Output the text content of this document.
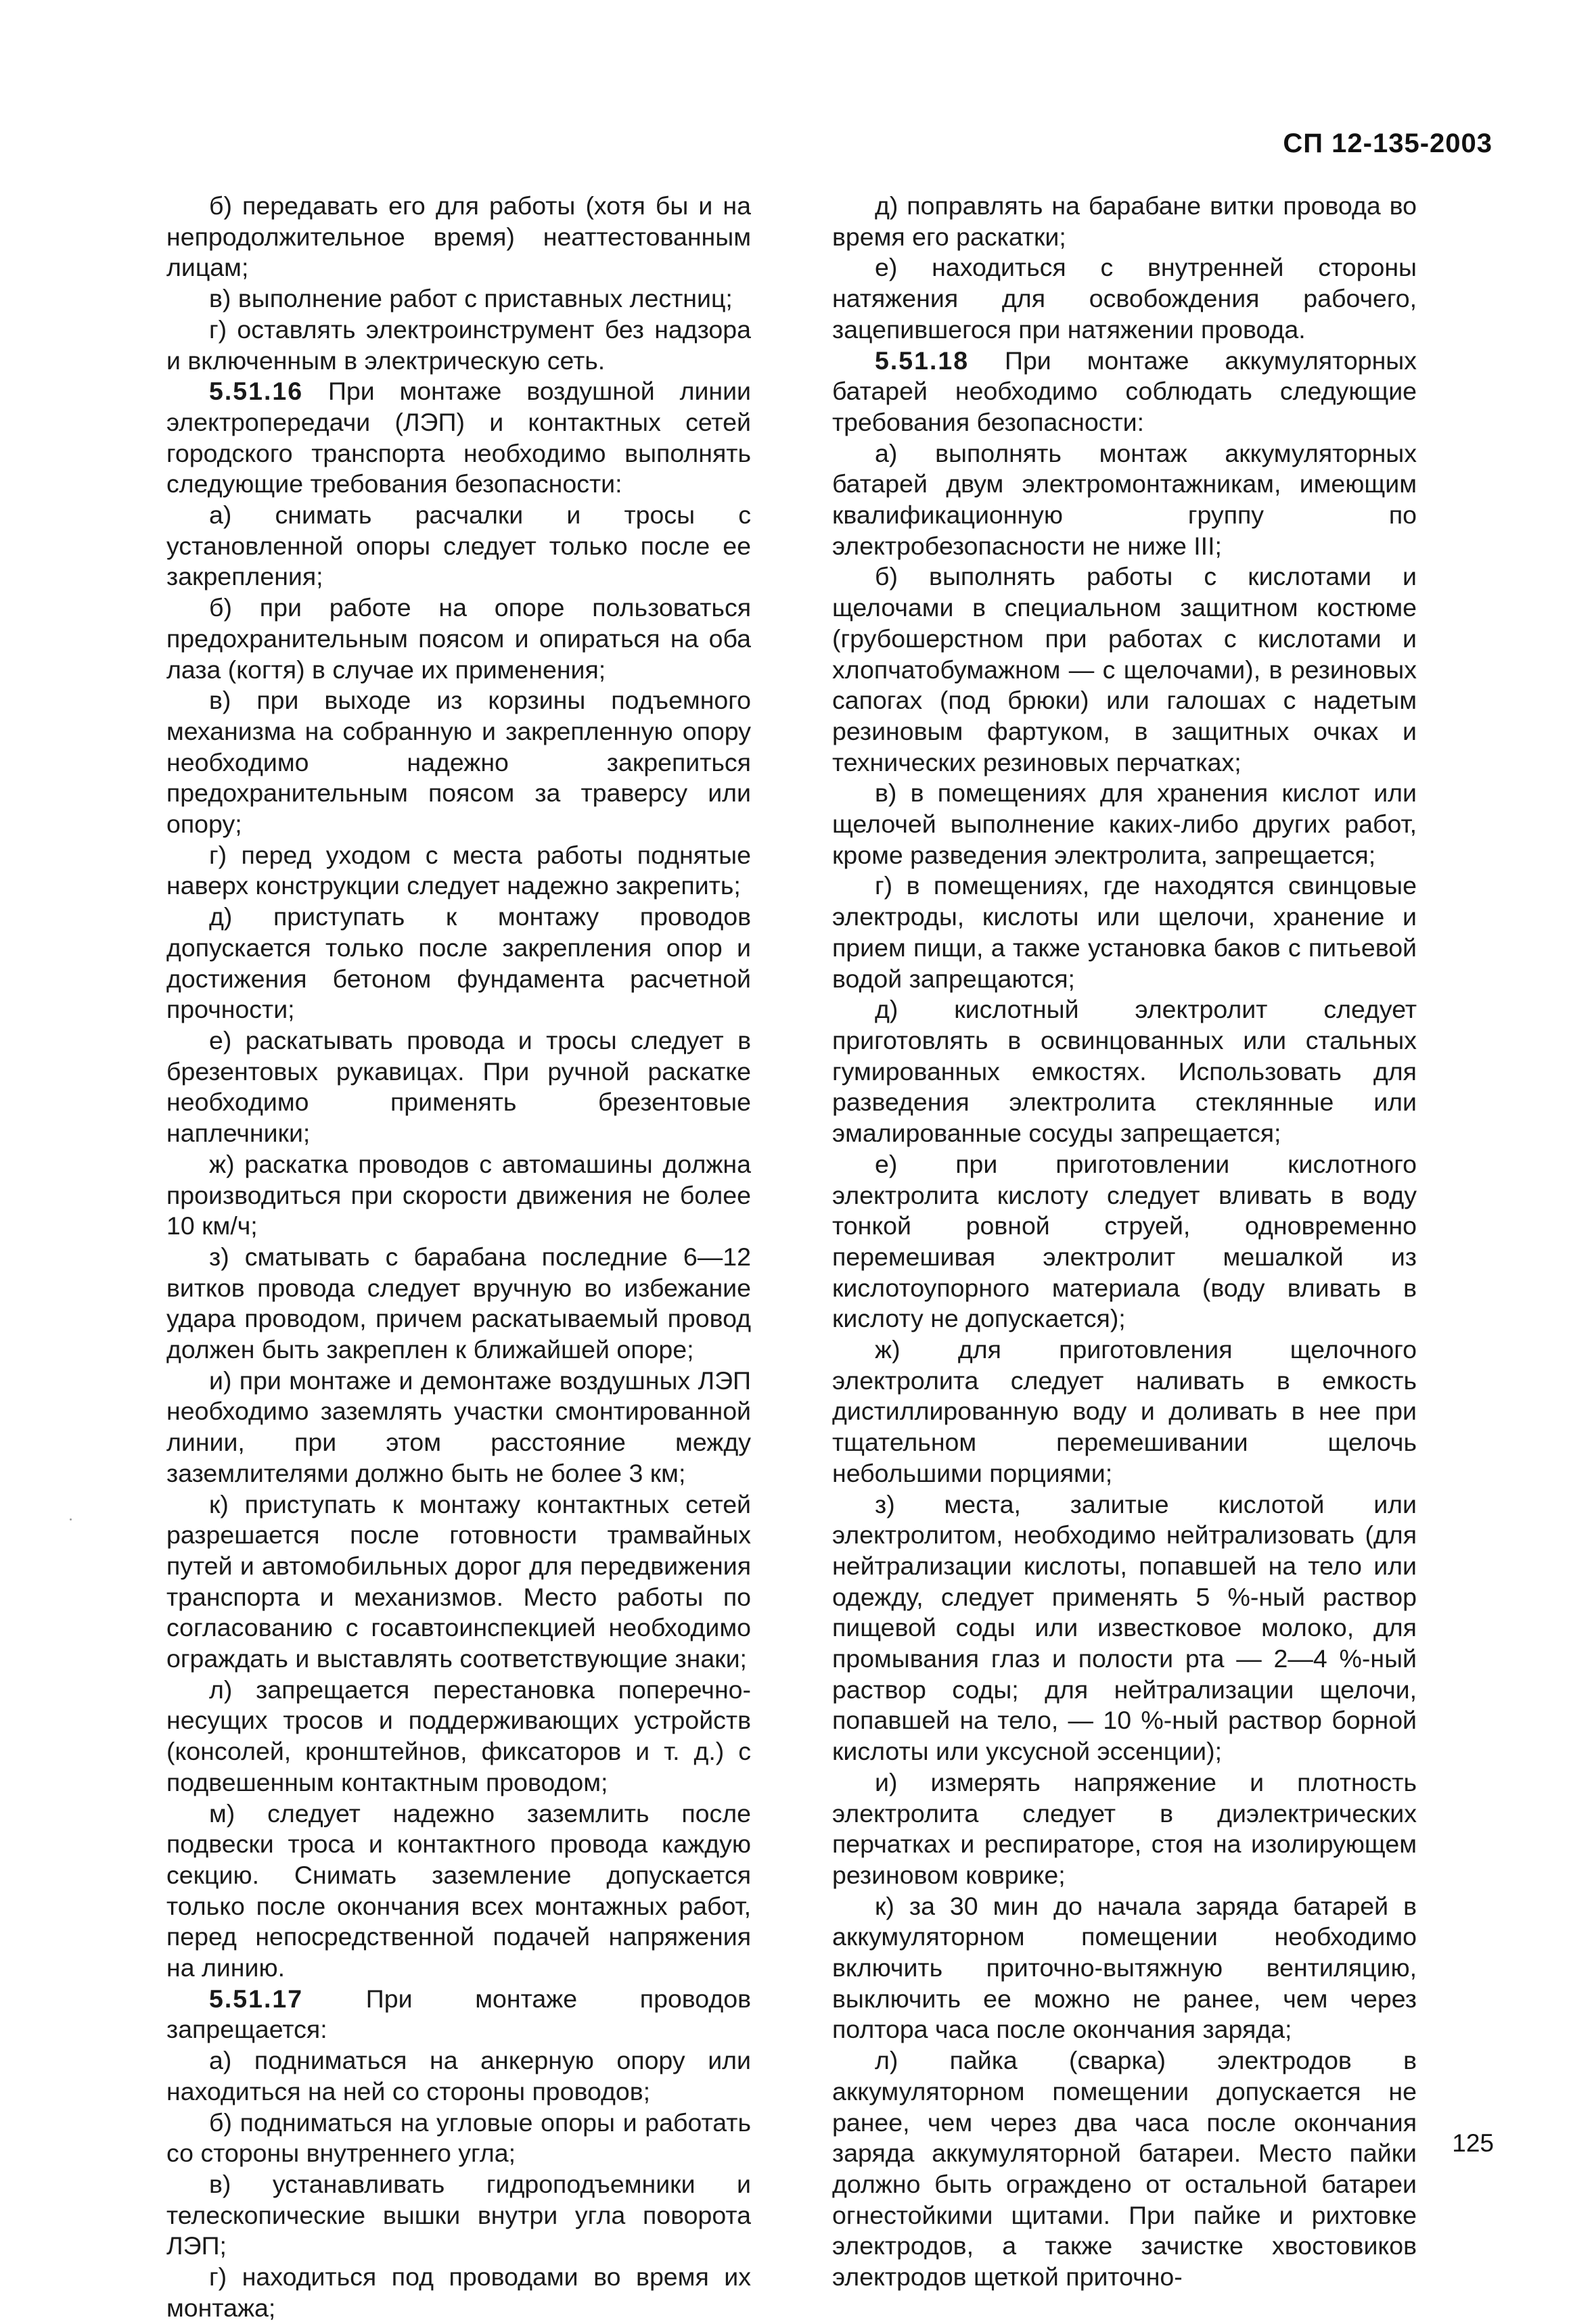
СП 12-135-2003

б) передавать его для работы (хотя бы и на непродолжительное время) неаттестованным лицам;

в) выполнение работ с приставных лестниц;

г) оставлять электроинструмент без надзора и включенным в электрическую сеть.

5.51.16 При монтаже воздушной линии электропередачи (ЛЭП) и контактных сетей городского транспорта необходимо выполнять следующие требования безопасности:

а) снимать расчалки и тросы с установленной опоры следует только после ее закрепления;

б) при работе на опоре пользоваться предохранительным поясом и опираться на оба лаза (когтя) в случае их применения;

в) при выходе из корзины подъемного механизма на собранную и закрепленную опору необходимо надежно закрепиться предохранительным поясом за траверсу или опору;

г) перед уходом с места работы поднятые наверх конструкции следует надежно закрепить;

д) приступать к монтажу проводов допускается только после закрепления опор и достижения бетоном фундамента расчетной прочности;

е) раскатывать провода и тросы следует в брезентовых рукавицах. При ручной раскатке необходимо применять брезентовые наплечники;

ж) раскатка проводов с автомашины должна производиться при скорости движения не более 10 км/ч;

з) сматывать с барабана последние 6—12 витков провода следует вручную во избежание удара проводом, причем раскатываемый провод должен быть закреплен к ближайшей опоре;

и) при монтаже и демонтаже воздушных ЛЭП необходимо заземлять участки смонтированной линии, при этом расстояние между заземлителями должно быть не более 3 км;

к) приступать к монтажу контактных сетей разрешается после готовности трамвайных путей и автомобильных дорог для передвижения транспорта и механизмов. Место работы по согласованию с госавтоинспекцией необходимо ограждать и выставлять соответствующие знаки;

л) запрещается перестановка поперечно-несущих тросов и поддерживающих устройств (консолей, кронштейнов, фиксаторов и т. д.) с подвешенным контактным проводом;

м) следует надежно заземлить после подвески троса и контактного провода каждую секцию. Снимать заземление допускается только после окончания всех монтажных работ, перед непосредственной подачей напряжения на линию.

5.51.17 При монтаже проводов запрещается:

а) подниматься на анкерную опору или находиться на ней со стороны проводов;

б) подниматься на угловые опоры и работать со стороны внутреннего угла;

в) устанавливать гидроподъемники и телескопические вышки внутри угла поворота ЛЭП;

г) находиться под проводами во время их монтажа;

д) поправлять на барабане витки провода во время его раскатки;

е) находиться с внутренней стороны натяжения для освобождения рабочего, зацепившегося при натяжении провода.

5.51.18 При монтаже аккумуляторных батарей необходимо соблюдать следующие требования безопасности:

а) выполнять монтаж аккумуляторных батарей двум электромонтажникам, имеющим квалификационную группу по электробезопасности не ниже III;

б) выполнять работы с кислотами и щелочами в специальном защитном костюме (грубошерстном при работах с кислотами и хлопчатобумажном — с щелочами), в резиновых сапогах (под брюки) или галошах с надетым резиновым фартуком, в защитных очках и технических резиновых перчатках;

в) в помещениях для хранения кислот или щелочей выполнение каких-либо других работ, кроме разведения электролита, запрещается;

г) в помещениях, где находятся свинцовые электроды, кислоты или щелочи, хранение и прием пищи, а также установка баков с питьевой водой запрещаются;

д) кислотный электролит следует приготовлять в освинцованных или стальных гумированных емкостях. Использовать для разведения электролита стеклянные или эмалированные сосуды запрещается;

е) при приготовлении кислотного электролита кислоту следует вливать в воду тонкой ровной струей, одновременно перемешивая электролит мешалкой из кислотоупорного материала (воду вливать в кислоту не допускается);

ж) для приготовления щелочного электролита следует наливать в емкость дистиллированную воду и доливать в нее при тщательном перемешивании щелочь небольшими порциями;

з) места, залитые кислотой или электролитом, необходимо нейтрализовать (для нейтрализации кислоты, попавшей на тело или одежду, следует применять 5 %-ный раствор пищевой соды или известковое молоко, для промывания глаз и полости рта — 2—4 %-ный раствор соды; для нейтрализации щелочи, попавшей на тело, — 10 %-ный раствор борной кислоты или уксусной эссенции);

и) измерять напряжение и плотность электролита следует в диэлектрических перчатках и респираторе, стоя на изолирующем резиновом коврике;

к) за 30 мин до начала заряда батарей в аккумуляторном помещении необходимо включить приточно-вытяжную вентиляцию, выключить ее можно не ранее, чем через полтора часа после окончания заряда;

л) пайка (сварка) электродов в аккумуляторном помещении допускается не ранее, чем через два часа после окончания заряда аккумуляторной батареи. Место пайки должно быть ограждено от остальной батареи огнестойкими щитами. При пайке и рихтовке электродов, а также зачистке хвостовиков электродов щеткой приточно-

125
